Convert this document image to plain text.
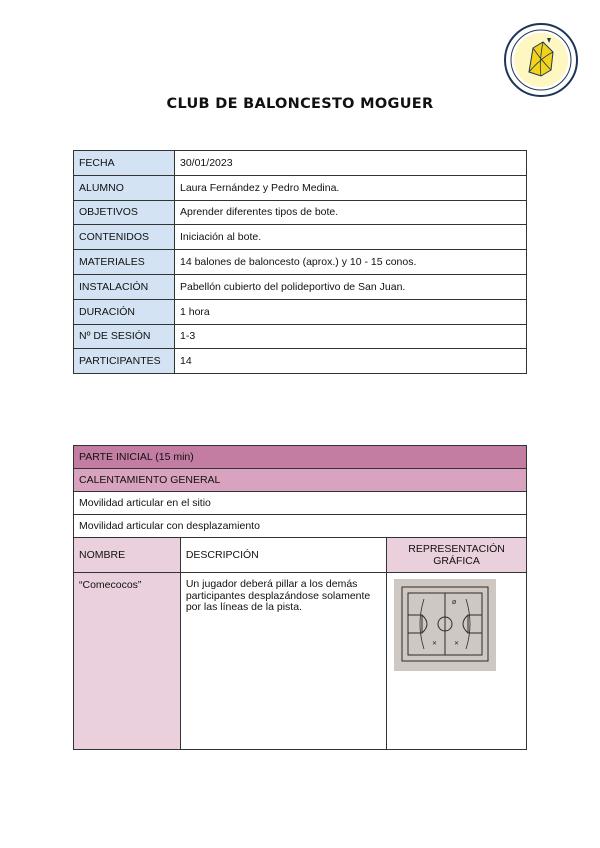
CLUB DE BALONCESTO MOGUER
FECHA	30/01/2023
ALUMNO	Laura Fernández y Pedro Medina.
OBJETIVOS	Aprender diferentes tipos de bote.
CONTENIDOS	Iniciación al bote.
MATERIALES	14 balones de baloncesto (aprox.) y 10 - 15 conos.
INSTALACIÓN	Pabellón cubierto del polideportivo de San Juan.
DURACIÓN	1 hora
Nº DE SESIÓN	1-3
PARTICIPANTES	14
PARTE INICIAL (15 min)		
CALENTAMIENTO GENERAL		
Movilidad articular en el sitio		
Movilidad articular con desplazamiento		
NOMBRE	DESCRIPCIÓN	REPRESENTACIÓN GRÁFICA
“Comecocos”	Un jugador deberá pillar a los demás participantes desplazándose solamente por las líneas de la pista.	ø
✕ ✕
